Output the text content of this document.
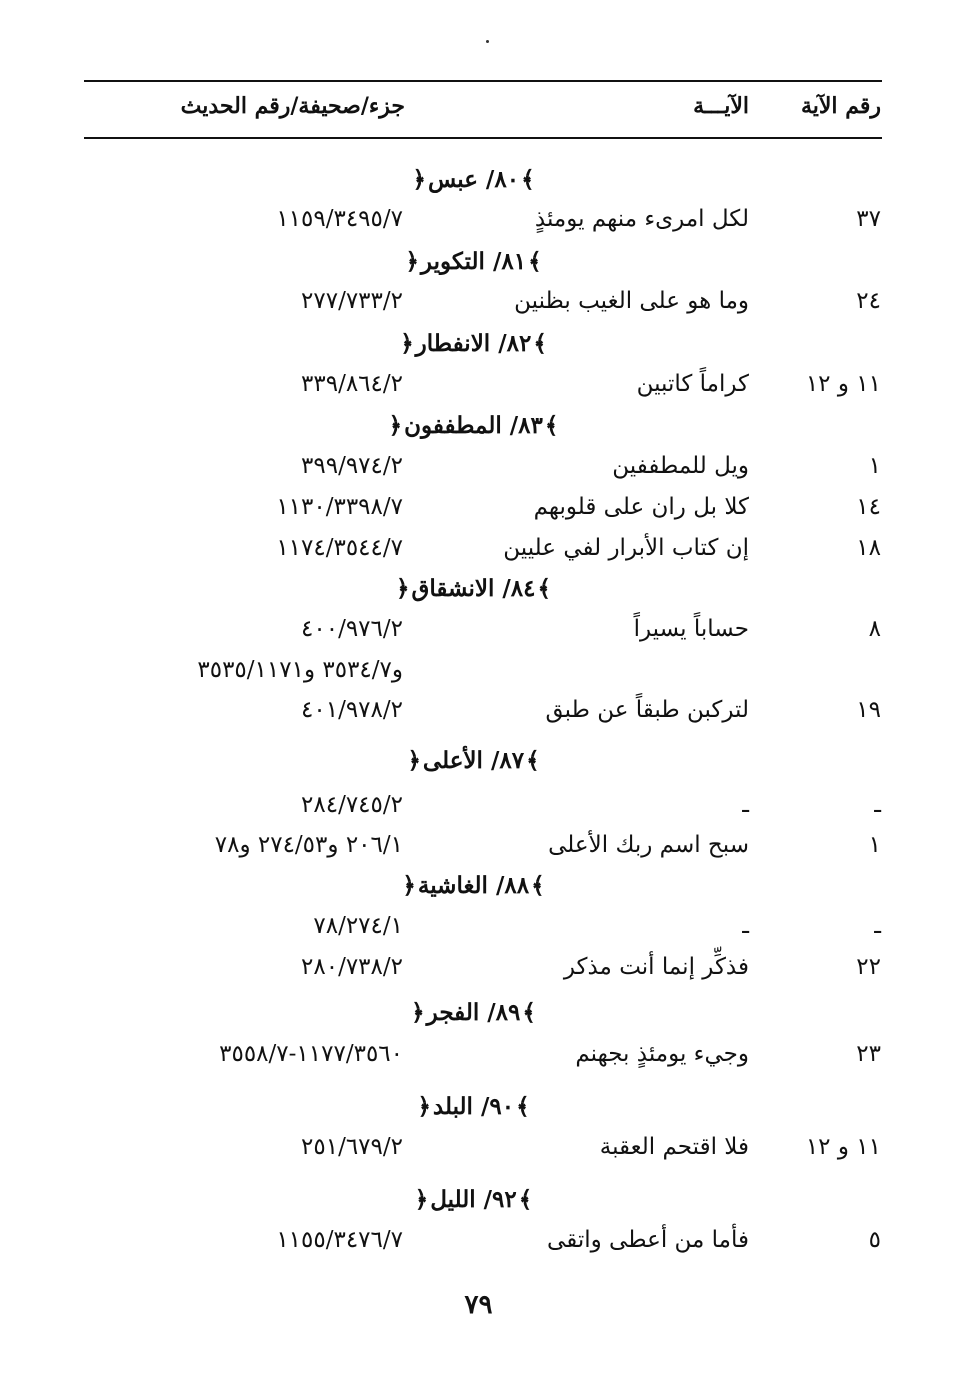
رقم الآية
الآيـــة
جزء/صحيفة/رقم الحديث
﴾ ٨٠/ عبس ﴿
٣٧
لكل امرىء منهم يومئذٍ
١١٥٩/٣٤٩٥/٧
﴾ ٨١/ التكوير ﴿
٢٤
وما هو على الغيب بظنين
٢٧٧/٧٣٣/٢
﴾ ٨٢/ الانفطار ﴿
١١ و ١٢
كراماً كاتبين
٣٣٩/٨٦٤/٢
﴾ ٨٣/ المطففون ﴿
١
ويل للمطففين
٣٩٩/٩٧٤/٢
١٤
كلا بل ران على قلوبهم
١١٣٠/٣٣٩٨/٧
١٨
إن كتاب الأبرار لفي عليين
١١٧٤/٣٥٤٤/٧
﴾ ٨٤/ الانشقاق ﴿
٨
حساباً يسيراً
٤٠٠/٩٧٦/٢
و٣٥٣٤/٧ و٣٥٣٥/١١٧١
١٩
لتركبن طبقاً عن طبق
٤٠١/٩٧٨/٢
﴾ ٨٧/ الأعلى ﴿
ـ
ـ
٢٨٤/٧٤٥/٢
١
سبح اسم ربك الأعلى
٢٠٦/١ و٢٧٤/٥٣ و٧٨
﴾ ٨٨/ الغاشية ﴿
ـ
ـ
٧٨/٢٧٤/١
٢٢
فذكِّر إنما أنت مذكر
٢٨٠/٧٣٨/٢
﴾ ٨٩/ الفجر ﴿
٢٣
وجيء يومئذٍ بجهنم
١١٧٧/٣٥٦٠-٣٥٥٨/٧
﴾ ٩٠/ البلد ﴿
١١ و ١٢
فلا اقتحم العقبة
٢٥١/٦٧٩/٢
﴾ ٩٢/ الليل ﴿
٥
فأما من أعطى واتقى
١١٥٥/٣٤٧٦/٧
٧٩
